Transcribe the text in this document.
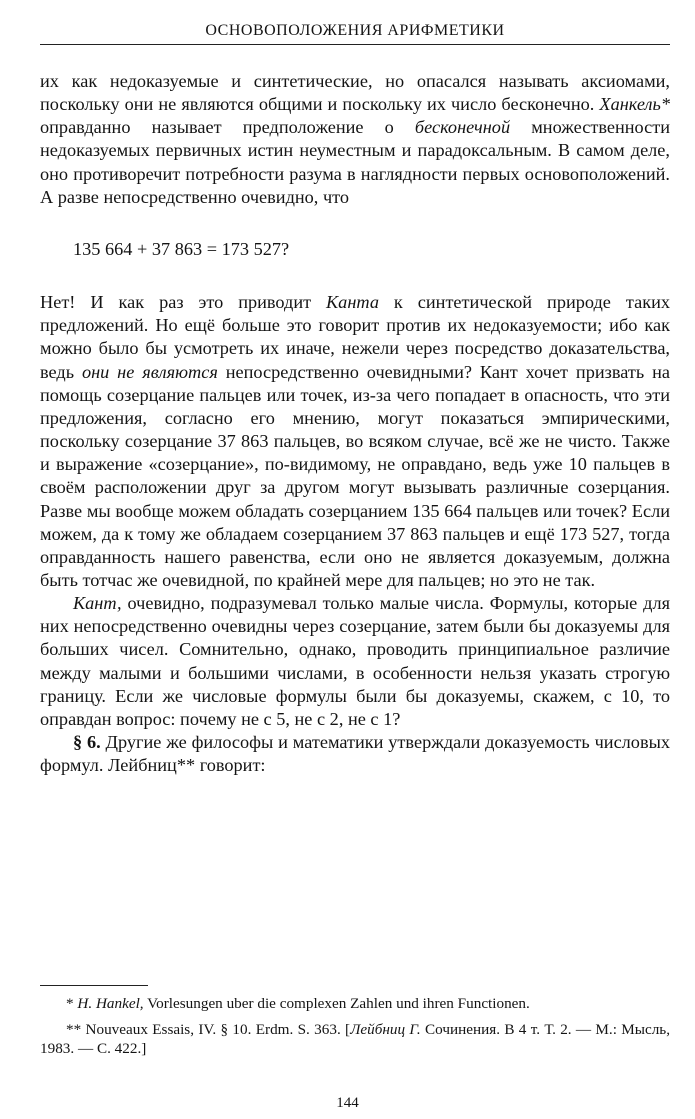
ОСНОВОПОЛОЖЕНИЯ АРИФМЕТИКИ

их как недоказуемые и синтетические, но опасался называть аксиомами, поскольку они не являются общими и поскольку их число бесконечно. Ханкель* оправданно называет предположение о бесконечной множественности недоказуемых первичных истин неуместным и парадоксальным. В самом деле, оно противоречит потребности разума в наглядности первых основоположений. А разве непосредственно очевидно, что

135 664 + 37 863 = 173 527?

Нет! И как раз это приводит Канта к синтетической природе таких предложений. Но ещё больше это говорит против их недоказуемости; ибо как можно было бы усмотреть их иначе, нежели через посредство доказательства, ведь они не являются непосредственно очевидными? Кант хочет призвать на помощь созерцание пальцев или точек, из-за чего попадает в опасность, что эти предложения, согласно его мнению, могут показаться эмпирическими, поскольку созерцание 37 863 пальцев, во всяком случае, всё же не чисто. Также и выражение «созерцание», по-видимому, не оправдано, ведь уже 10 пальцев в своём расположении друг за другом могут вызывать различные созерцания. Разве мы вообще можем обладать созерцанием 135 664 пальцев или точек? Если можем, да к тому же обладаем созерцанием 37 863 пальцев и ещё 173 527, тогда оправданность нашего равенства, если оно не является доказуемым, должна быть тотчас же очевидной, по крайней мере для пальцев; но это не так.

Кант, очевидно, подразумевал только малые числа. Формулы, которые для них непосредственно очевидны через созерцание, затем были бы доказуемы для больших чисел. Сомнительно, однако, проводить принципиальное различие между малыми и большими числами, в особенности нельзя указать строгую границу. Если же числовые формулы были бы доказуемы, скажем, с 10, то оправдан вопрос: почему не с 5, не с 2, не с 1?

§ 6. Другие же философы и математики утверждали доказуемость числовых формул. Лейбниц** говорит:

* H. Hankel, Vorlesungen uber die complexen Zahlen und ihren Functionen.

** Nouveaux Essais, IV. § 10. Erdm. S. 363. [Лейбниц Г. Сочинения. В 4 т. Т. 2. — М.: Мысль, 1983. — С. 422.]

144
